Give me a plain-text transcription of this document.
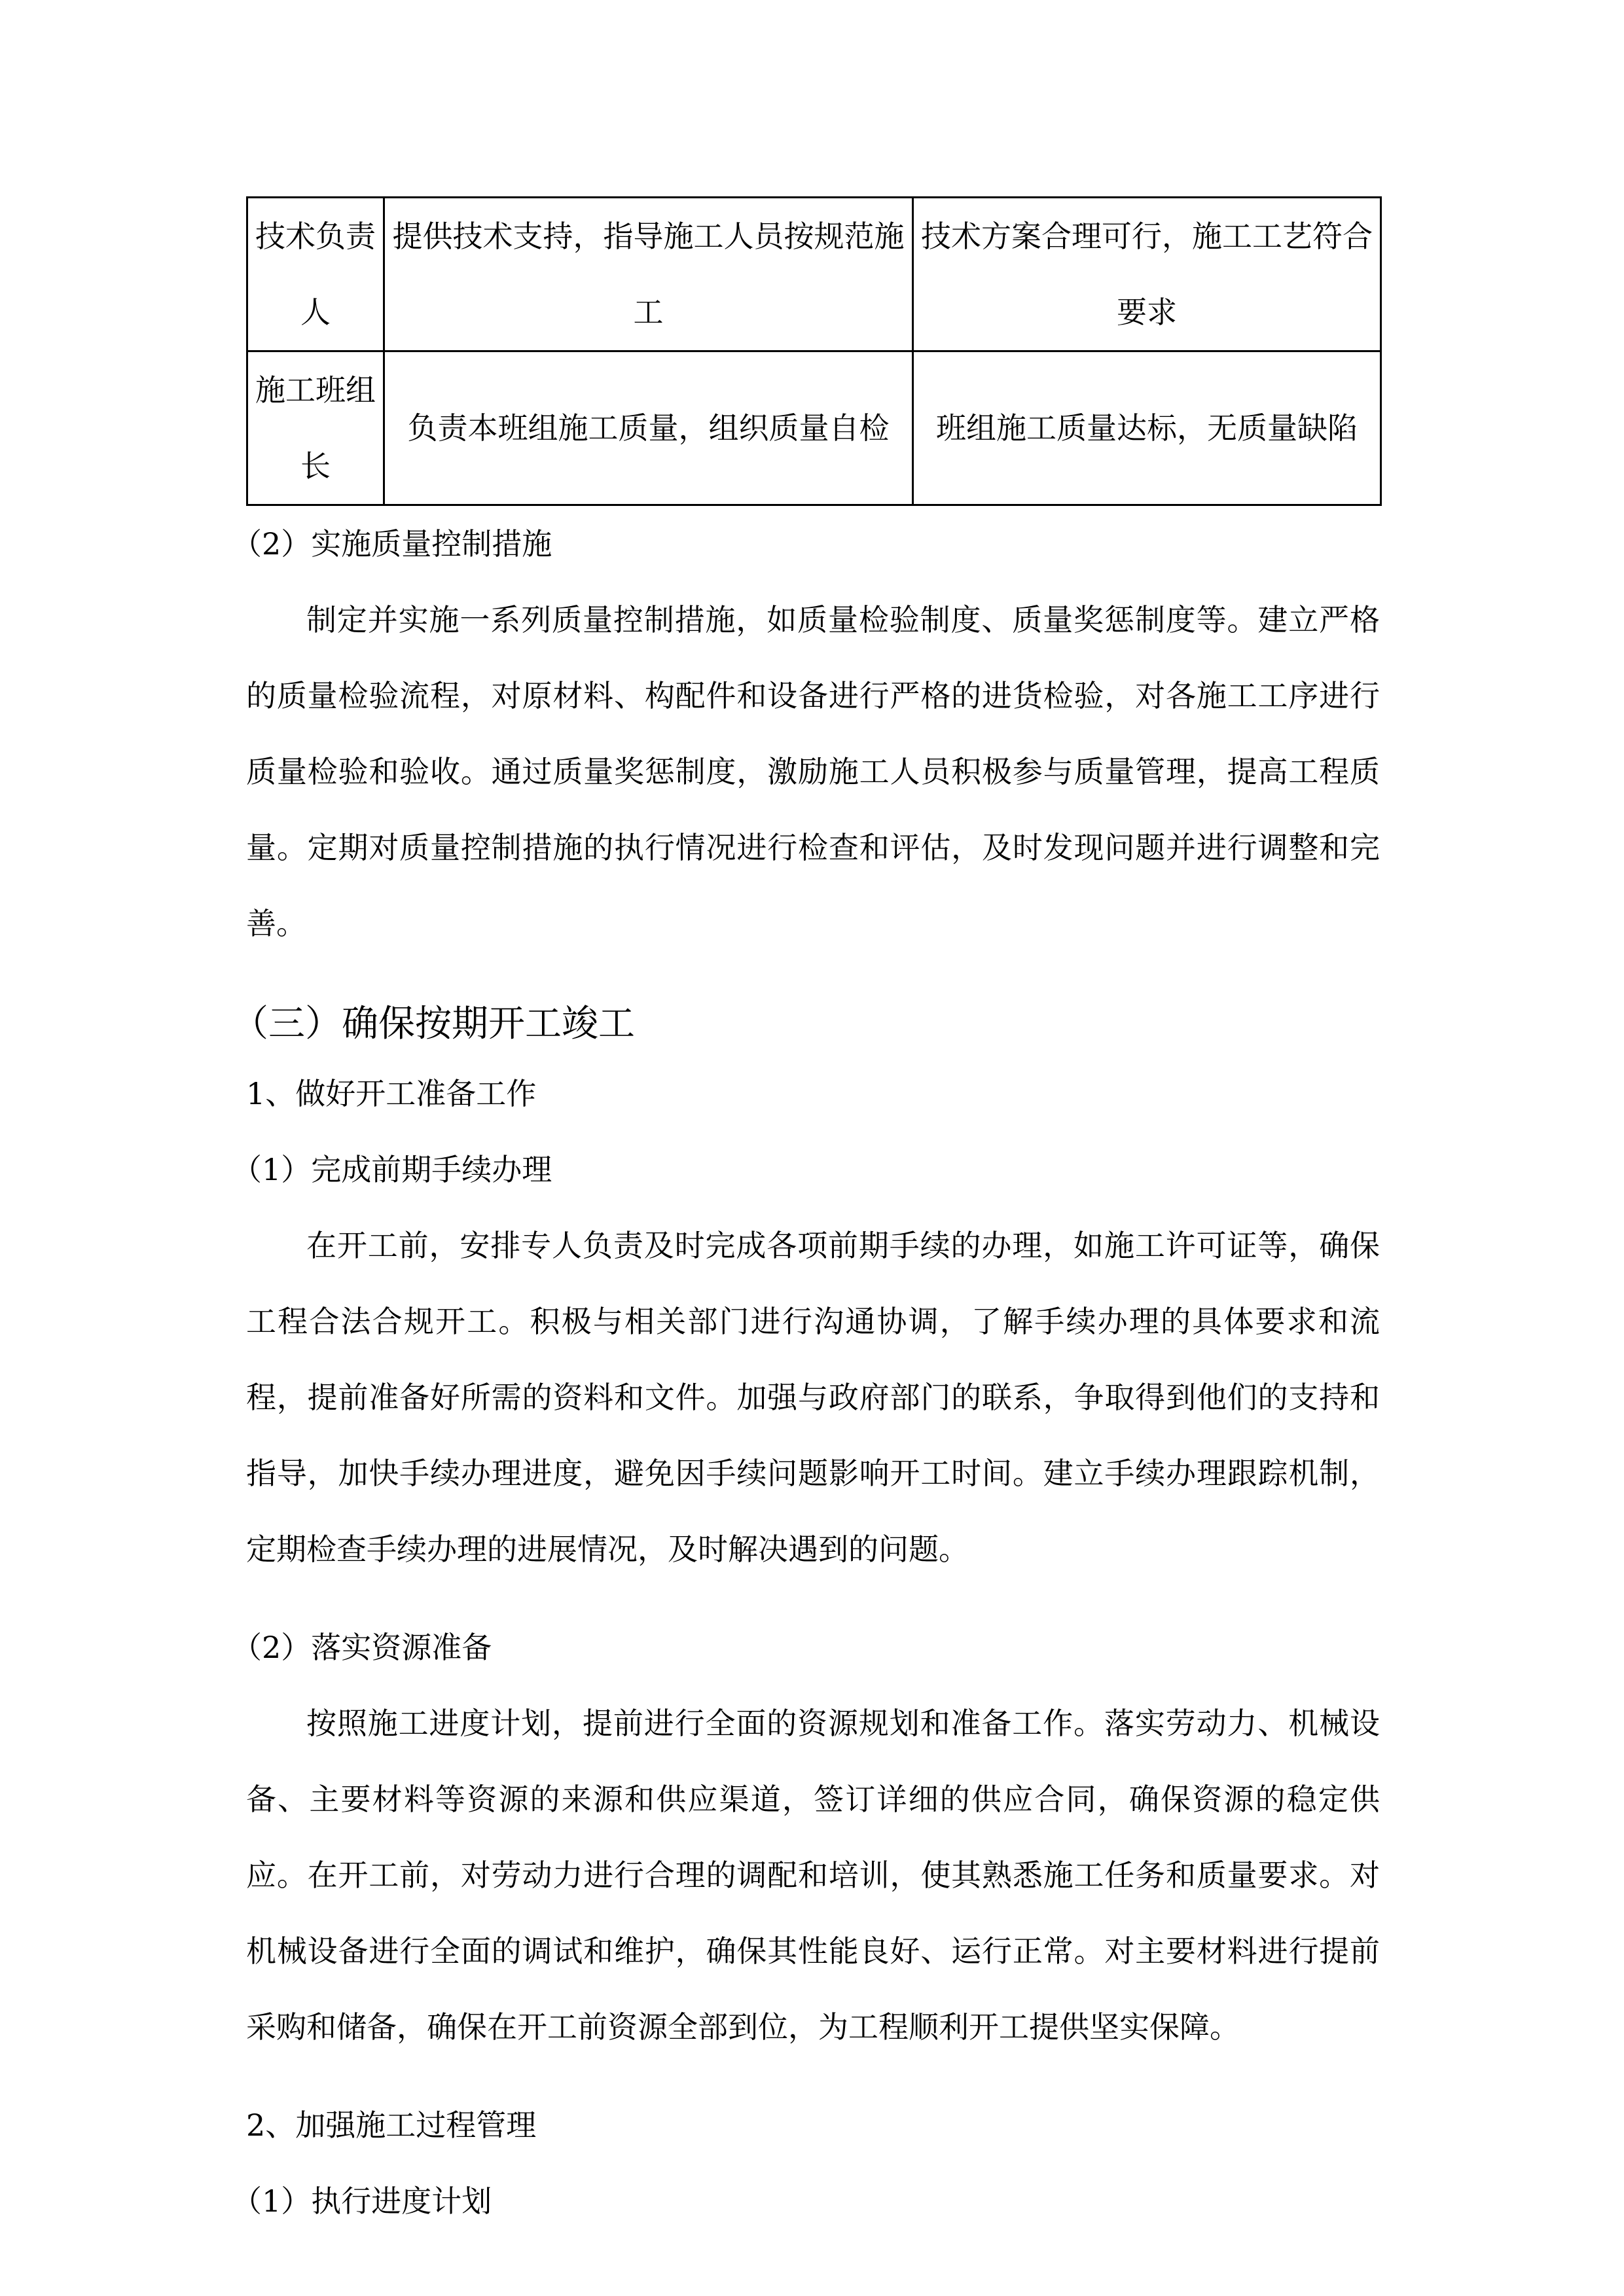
技术负责人	提供技术支持，指导施工人员按规范施工	技术方案合理可行，施工工艺符合要求
施工班组长	负责本班组施工质量，组织质量自检	班组施工质量达标，无质量缺陷

（2）实施质量控制措施

制定并实施一系列质量控制措施，如质量检验制度、质量奖惩制度等。建立严格的质量检验流程，对原材料、构配件和设备进行严格的进货检验，对各施工工序进行质量检验和验收。通过质量奖惩制度，激励施工人员积极参与质量管理，提高工程质量。定期对质量控制措施的执行情况进行检查和评估，及时发现问题并进行调整和完善。

（三）确保按期开工竣工

1、做好开工准备工作

（1）完成前期手续办理

在开工前，安排专人负责及时完成各项前期手续的办理，如施工许可证等，确保工程合法合规开工。积极与相关部门进行沟通协调，了解手续办理的具体要求和流程，提前准备好所需的资料和文件。加强与政府部门的联系，争取得到他们的支持和指导，加快手续办理进度，避免因手续问题影响开工时间。建立手续办理跟踪机制，定期检查手续办理的进展情况，及时解决遇到的问题。

（2）落实资源准备

按照施工进度计划，提前进行全面的资源规划和准备工作。落实劳动力、机械设备、主要材料等资源的来源和供应渠道，签订详细的供应合同，确保资源的稳定供应。在开工前，对劳动力进行合理的调配和培训，使其熟悉施工任务和质量要求。对机械设备进行全面的调试和维护，确保其性能良好、运行正常。对主要材料进行提前采购和储备，确保在开工前资源全部到位，为工程顺利开工提供坚实保障。

2、加强施工过程管理

（1）执行进度计划
